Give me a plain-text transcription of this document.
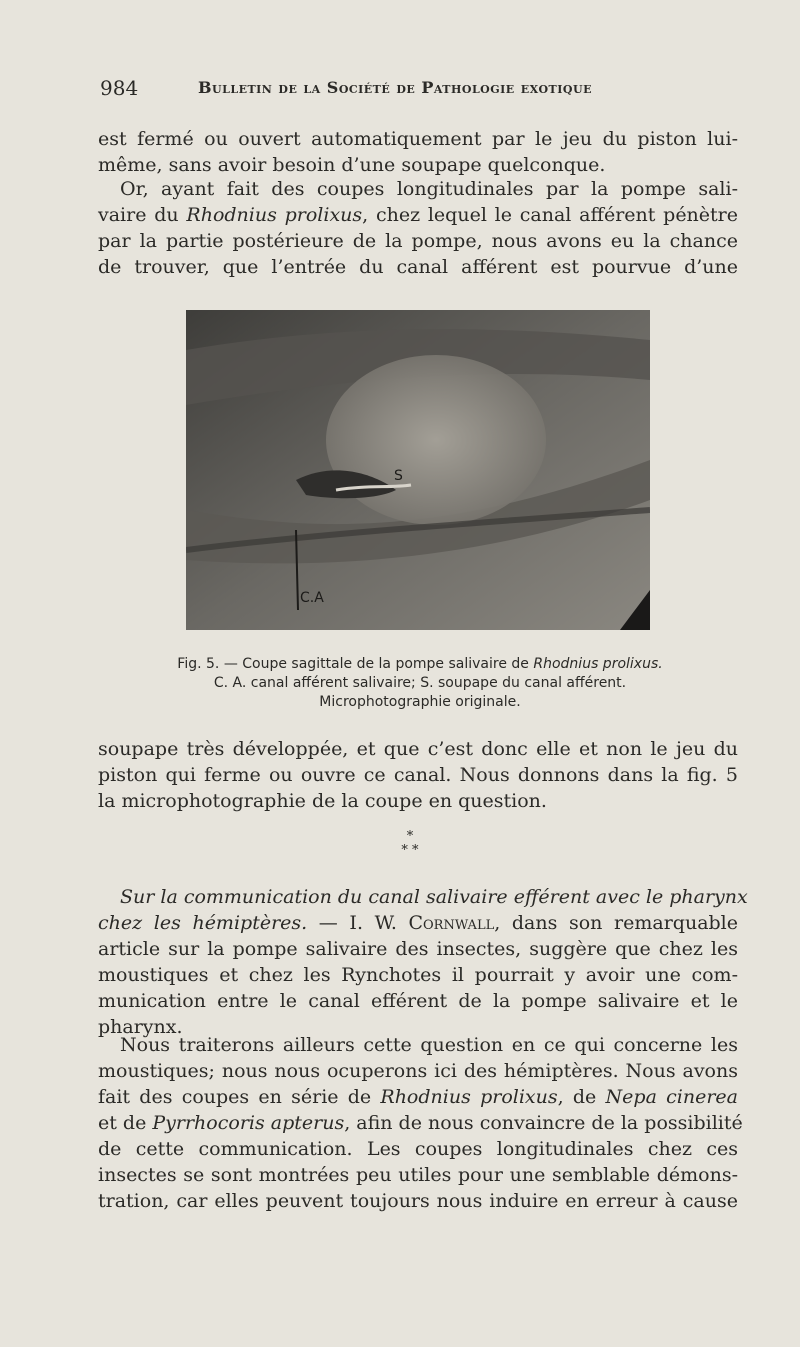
984	Bulletin de la Société de Pathologie exotique
est fermé ou ouvert automatiquement par le jeu du piston lui-
même, sans avoir besoin d’une soupape quelconque.
Or, ayant fait des coupes longitudinales par la pompe sali-
vaire du Rhodnius prolixus, chez lequel le canal afférent pénètre
par la partie postérieure de la pompe, nous avons eu la chance
de trouver, que l’entrée du canal afférent est pourvue d’une
S
C.A
Fig. 5. — Coupe sagittale de la pompe salivaire de Rhodnius prolixus.
C. A. canal afférent salivaire; S. soupape du canal afférent.
Microphotographie originale.
soupape très développée, et que c’est donc elle et non le jeu du
piston qui ferme ou ouvre ce canal. Nous donnons dans la fig. 5
la microphotographie de la coupe en question.
*
* *
Sur la communication du canal salivaire efférent avec le pharynx
chez les hémiptères. — I. W. Cornwall, dans son remarquable
article sur la pompe salivaire des insectes, suggère que chez les
moustiques et chez les Rynchotes il pourrait y avoir une com-
munication entre le canal efférent de la pompe salivaire et le
pharynx.
Nous traiterons ailleurs cette question en ce qui concerne les
moustiques; nous nous ocuperons ici des hémiptères. Nous avons
fait des coupes en série de Rhodnius prolixus, de Nepa cinerea
et de Pyrrhocoris apterus, afin de nous convaincre de la possibilité
de cette communication. Les coupes longitudinales chez ces
insectes se sont montrées peu utiles pour une semblable démons-
tration, car elles peuvent toujours nous induire en erreur à cause
